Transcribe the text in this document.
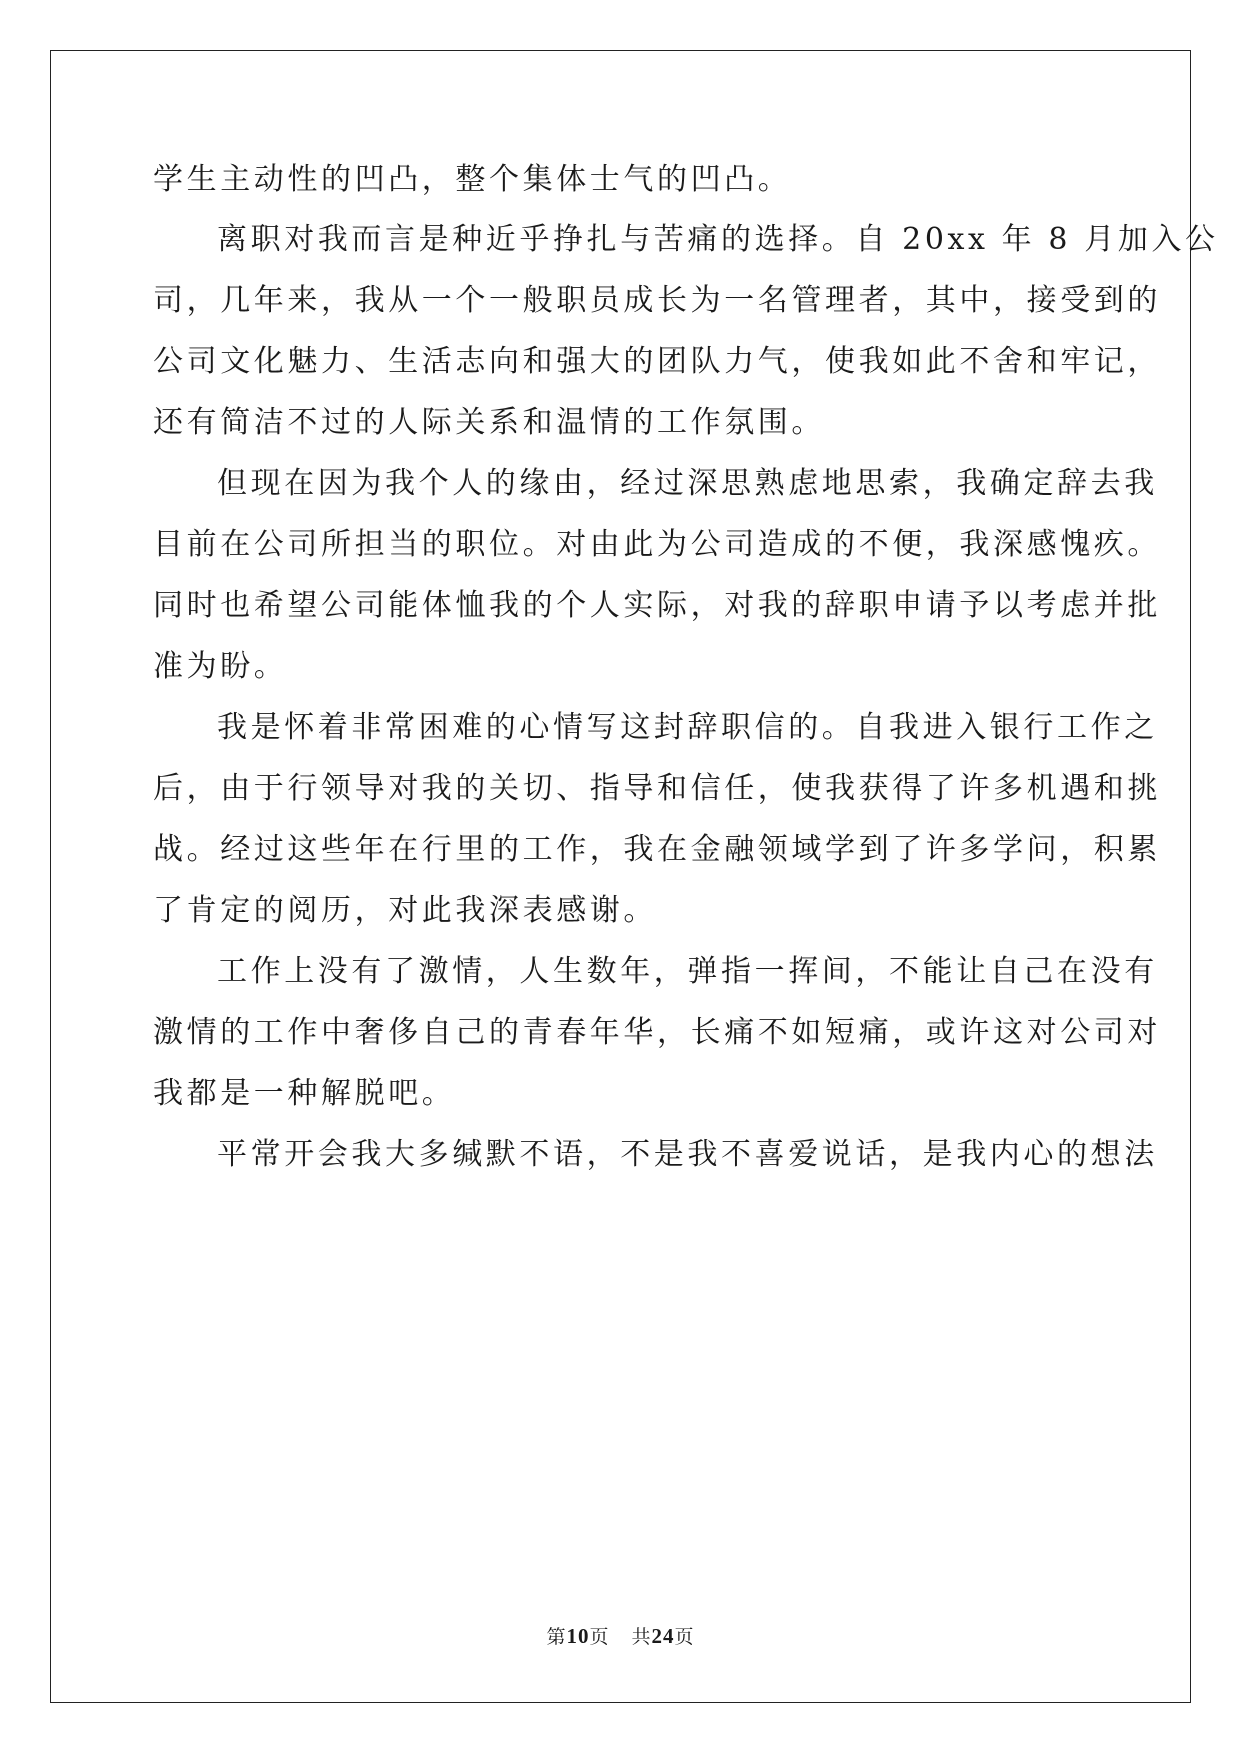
学生主动性的凹凸，整个集体士气的凹凸。
离职对我而言是种近乎挣扎与苦痛的选择。自 20xx 年 8 月加入公
司，几年来，我从一个一般职员成长为一名管理者，其中，接受到的
公司文化魅力、生活志向和强大的团队力气，使我如此不舍和牢记，
还有简洁不过的人际关系和温情的工作氛围。
但现在因为我个人的缘由，经过深思熟虑地思索，我确定辞去我
目前在公司所担当的职位。对由此为公司造成的不便，我深感愧疚。
同时也希望公司能体恤我的个人实际，对我的辞职申请予以考虑并批
准为盼。
我是怀着非常困难的心情写这封辞职信的。自我进入银行工作之
后，由于行领导对我的关切、指导和信任，使我获得了许多机遇和挑
战。经过这些年在行里的工作，我在金融领域学到了许多学问，积累
了肯定的阅历，对此我深表感谢。
工作上没有了激情，人生数年，弹指一挥间，不能让自己在没有
激情的工作中奢侈自己的青春年华，长痛不如短痛，或许这对公司对
我都是一种解脱吧。
平常开会我大多缄默不语，不是我不喜爱说话，是我内心的想法
第10页 共24页
